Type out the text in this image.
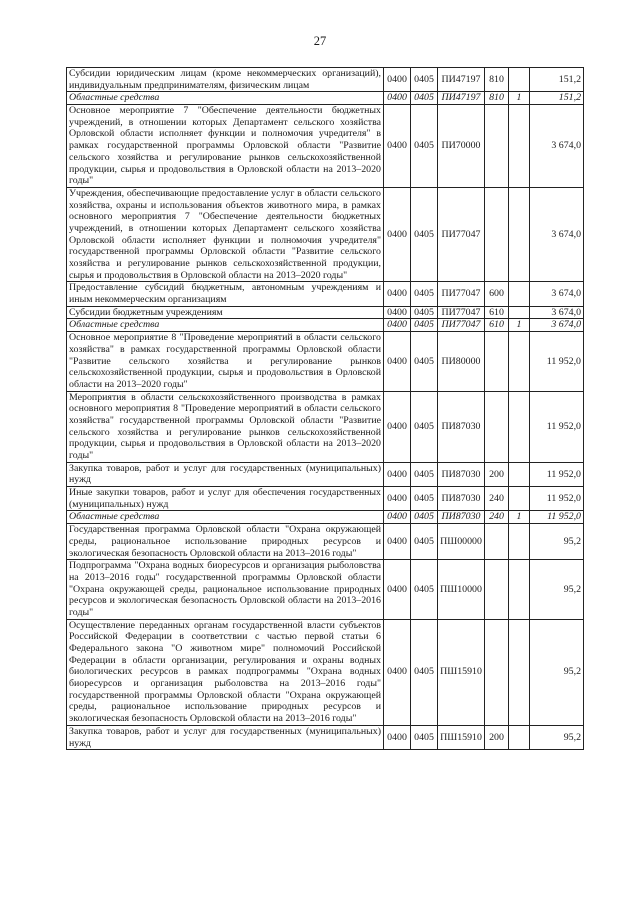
27
Субсидии юридическим лицам (кроме некоммерческих организаций), индивидуальным предпринимателям, физическим лицам	0400	0405	ПИ47197	810		151,2
Областные средства	0400	0405	ПИ47197	810	1	151,2
Основное мероприятие 7 "Обеспечение деятельности бюджетных учреждений, в отношении которых Департамент сельского хозяйства Орловской области исполняет функции и полномочия учредителя" в рамках государственной программы Орловской области "Развитие сельского хозяйства и регулирование рынков сельскохозяйственной продукции, сырья и продовольствия в Орловской области на 2013–2020 годы"	0400	0405	ПИ70000			3 674,0
Учреждения, обеспечивающие предоставление услуг в области сельского хозяйства, охраны и использования объектов животного мира, в рамках основного мероприятия 7 "Обеспечение деятельности бюджетных учреждений, в отношении которых Департамент сельского хозяйства Орловской области исполняет функции и полномочия учредителя" государственной программы Орловской области "Развитие сельского хозяйства и регулирование рынков сельскохозяйственной продукции, сырья и продовольствия в Орловской области на 2013–2020 годы"	0400	0405	ПИ77047			3 674,0
Предоставление субсидий бюджетным, автономным учреждениям и иным некоммерческим организациям	0400	0405	ПИ77047	600		3 674,0
Субсидии бюджетным учреждениям	0400	0405	ПИ77047	610		3 674,0
Областные средства	0400	0405	ПИ77047	610	1	3 674,0
Основное мероприятие 8 "Проведение мероприятий в области сельского хозяйства" в рамках государственной программы Орловской области "Развитие сельского хозяйства и регулирование рынков сельскохозяйственной продукции, сырья и продовольствия в Орловской области на 2013–2020 годы"	0400	0405	ПИ80000			11 952,0
Мероприятия в области сельскохозяйственного производства в рамках основного мероприятия 8 "Проведение мероприятий в области сельского хозяйства" государственной программы Орловской области "Развитие сельского хозяйства и регулирование рынков сельскохозяйственной продукции, сырья и продовольствия в Орловской области на 2013–2020 годы"	0400	0405	ПИ87030			11 952,0
Закупка товаров, работ и услуг для государственных (муниципальных) нужд	0400	0405	ПИ87030	200		11 952,0
Иные закупки товаров, работ и услуг для обеспечения государственных (муниципальных) нужд	0400	0405	ПИ87030	240		11 952,0
Областные средства	0400	0405	ПИ87030	240	1	11 952,0
Государственная программа Орловской области "Охрана окружающей среды, рациональное использование природных ресурсов и экологическая безопасность Орловской области на 2013–2016 годы"	0400	0405	ПШ00000			95,2
Подпрограмма "Охрана водных биоресурсов и организация рыболовства на 2013–2016 годы" государственной программы Орловской области "Охрана окружающей среды, рациональное использование природных ресурсов и экологическая безопасность Орловской области на 2013–2016 годы"	0400	0405	ПШ10000			95,2
Осуществление переданных органам государственной власти субъектов Российской Федерации в соответствии с частью первой статьи 6 Федерального закона "О животном мире" полномочий Российской Федерации в области организации, регулирования и охраны водных биологических ресурсов в рамках подпрограммы "Охрана водных биоресурсов и организация рыболовства на 2013–2016 годы" государственной программы Орловской области "Охрана окружающей среды, рациональное использование природных ресурсов и экологическая безопасность Орловской области на 2013–2016 годы"	0400	0405	ПШ15910			95,2
Закупка товаров, работ и услуг для государственных (муниципальных) нужд	0400	0405	ПШ15910	200		95,2
